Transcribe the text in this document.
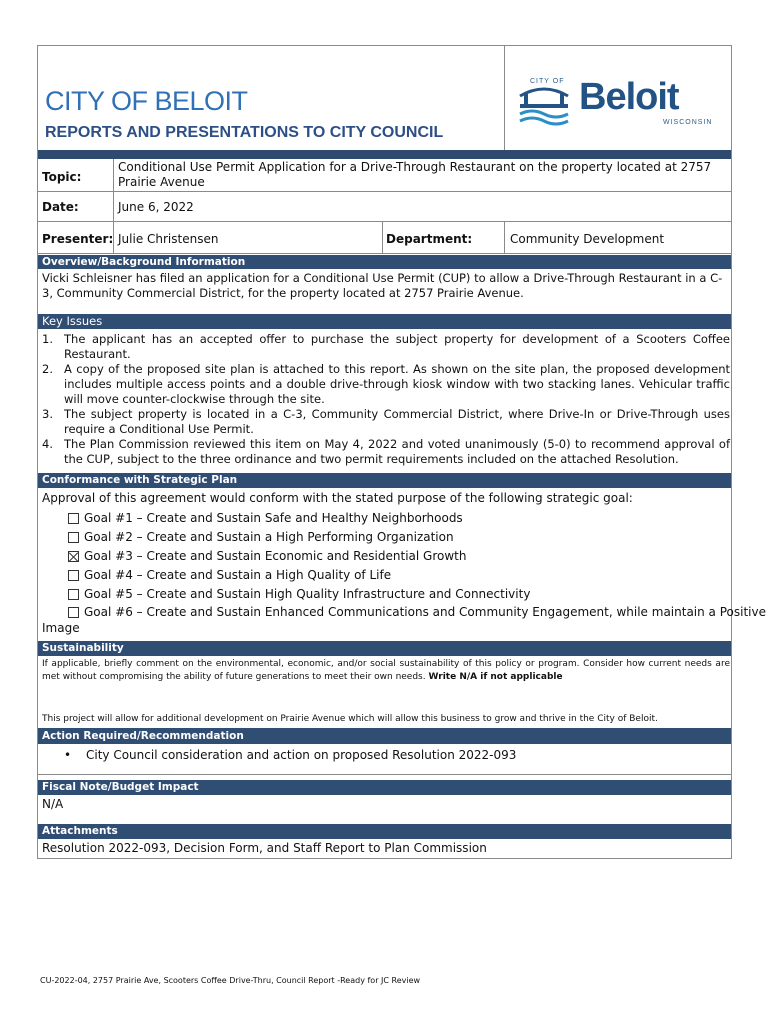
CITY OF BELOIT
REPORTS AND PRESENTATIONS TO CITY COUNCIL
CITY OF Beloit
WISCONSIN
Topic:
Conditional Use Permit Application for a Drive-Through Restaurant on the property located at 2757 Prairie Avenue
Date:	June 6, 2022
Presenter: Julie Christensen	Department:	Community Development
Overview/Background Information
Vicki Schleisner has filed an application for a Conditional Use Permit (CUP) to allow a Drive-Through Restaurant in a C-3, Community Commercial District, for the property located at 2757 Prairie Avenue.
Key Issues
1. The applicant has an accepted offer to purchase the subject property for development of a Scooters Coffee Restaurant.
2. A copy of the proposed site plan is attached to this report. As shown on the site plan, the proposed development includes multiple access points and a double drive-through kiosk window with two stacking lanes. Vehicular traffic will move counter-clockwise through the site.
3. The subject property is located in a C-3, Community Commercial District, where Drive-In or Drive-Through uses require a Conditional Use Permit.
4. The Plan Commission reviewed this item on May 4, 2022 and voted unanimously (5-0) to recommend approval of the CUP, subject to the three ordinance and two permit requirements included on the attached Resolution.
Conformance with Strategic Plan
Approval of this agreement would conform with the stated purpose of the following strategic goal:
Goal #1 – Create and Sustain Safe and Healthy Neighborhoods
Goal #2 – Create and Sustain a High Performing Organization
Goal #3 – Create and Sustain Economic and Residential Growth
Goal #4 – Create and Sustain a High Quality of Life
Goal #5 – Create and Sustain High Quality Infrastructure and Connectivity
Goal #6 – Create and Sustain Enhanced Communications and Community Engagement, while maintain a Positive
Image
Sustainability
If applicable, briefly comment on the environmental, economic, and/or social sustainability of this policy or program. Consider how current needs are met without compromising the ability of future generations to meet their own needs. Write N/A if not applicable
This project will allow for additional development on Prairie Avenue which will allow this business to grow and thrive in the City of Beloit.
Action Required/Recommendation
• City Council consideration and action on proposed Resolution 2022-093
Fiscal Note/Budget Impact
N/A
Attachments
Resolution 2022-093, Decision Form, and Staff Report to Plan Commission
CU-2022-04, 2757 Prairie Ave, Scooters Coffee Drive-Thru, Council Report -Ready for JC Review
